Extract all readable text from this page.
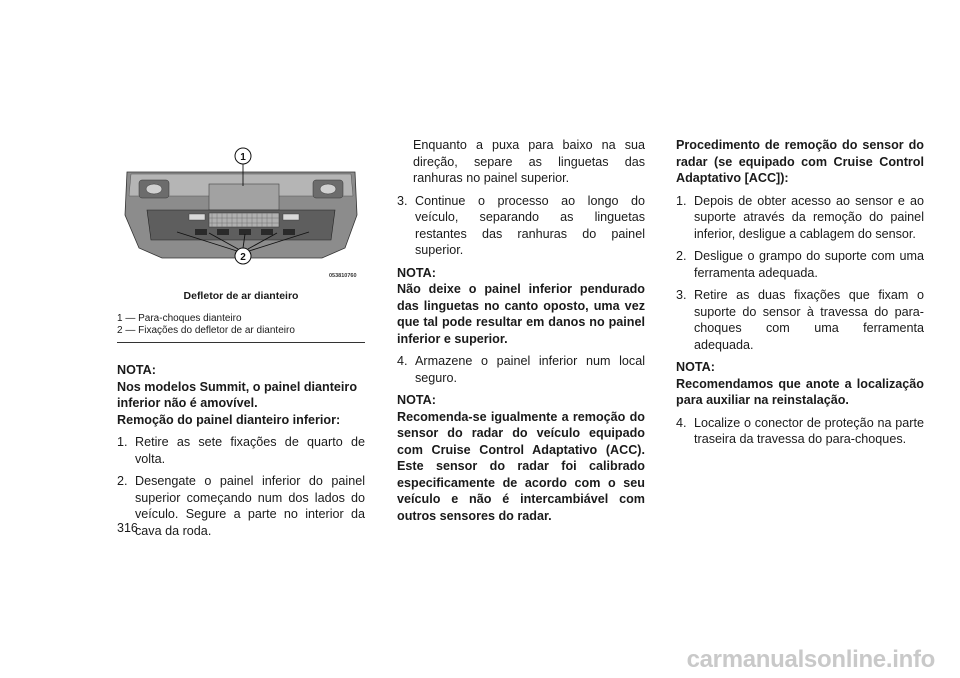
1
2
053810760
Defletor de ar dianteiro
1 — Para-choques dianteiro
2 — Fixações do defletor de ar dianteiro

NOTA:

Nos modelos Summit, o painel dianteiro inferior não é amovível.

Remoção do painel dianteiro inferior:

1. Retire as sete fixações de quarto de volta.
2. Desengate o painel inferior do painel superior começando num dos lados do veículo. Segure a parte no interior da cava da roda.

Enquanto a puxa para baixo na sua direção, separe as linguetas das ranhuras no painel superior.

3. Continue o processo ao longo do veículo, separando as linguetas restantes das ranhuras do painel superior.

NOTA:

Não deixe o painel inferior pendurado das linguetas no canto oposto, uma vez que tal pode resultar em danos no painel inferior e superior.

4. Armazene o painel inferior num local seguro.

NOTA:

Recomenda-se igualmente a remoção do sensor do radar do veículo equipado com Cruise Control Adaptativo (ACC). Este sensor do radar foi calibrado especificamente de acordo com o seu veículo e não é intercambiável com outros sensores do radar.

Procedimento de remoção do sensor do radar (se equipado com Cruise Control Adaptativo [ACC]):

1. Depois de obter acesso ao sensor e ao suporte através da remoção do painel inferior, desligue a cablagem do sensor.
2. Desligue o grampo do suporte com uma ferramenta adequada.
3. Retire as duas fixações que fixam o suporte do sensor à travessa do para-choques com uma ferramenta adequada.

NOTA:

Recomendamos que anote a localização para auxiliar na reinstalação.

4. Localize o conector de proteção na parte traseira da travessa do para-choques.
316
carmanualsonline.info
